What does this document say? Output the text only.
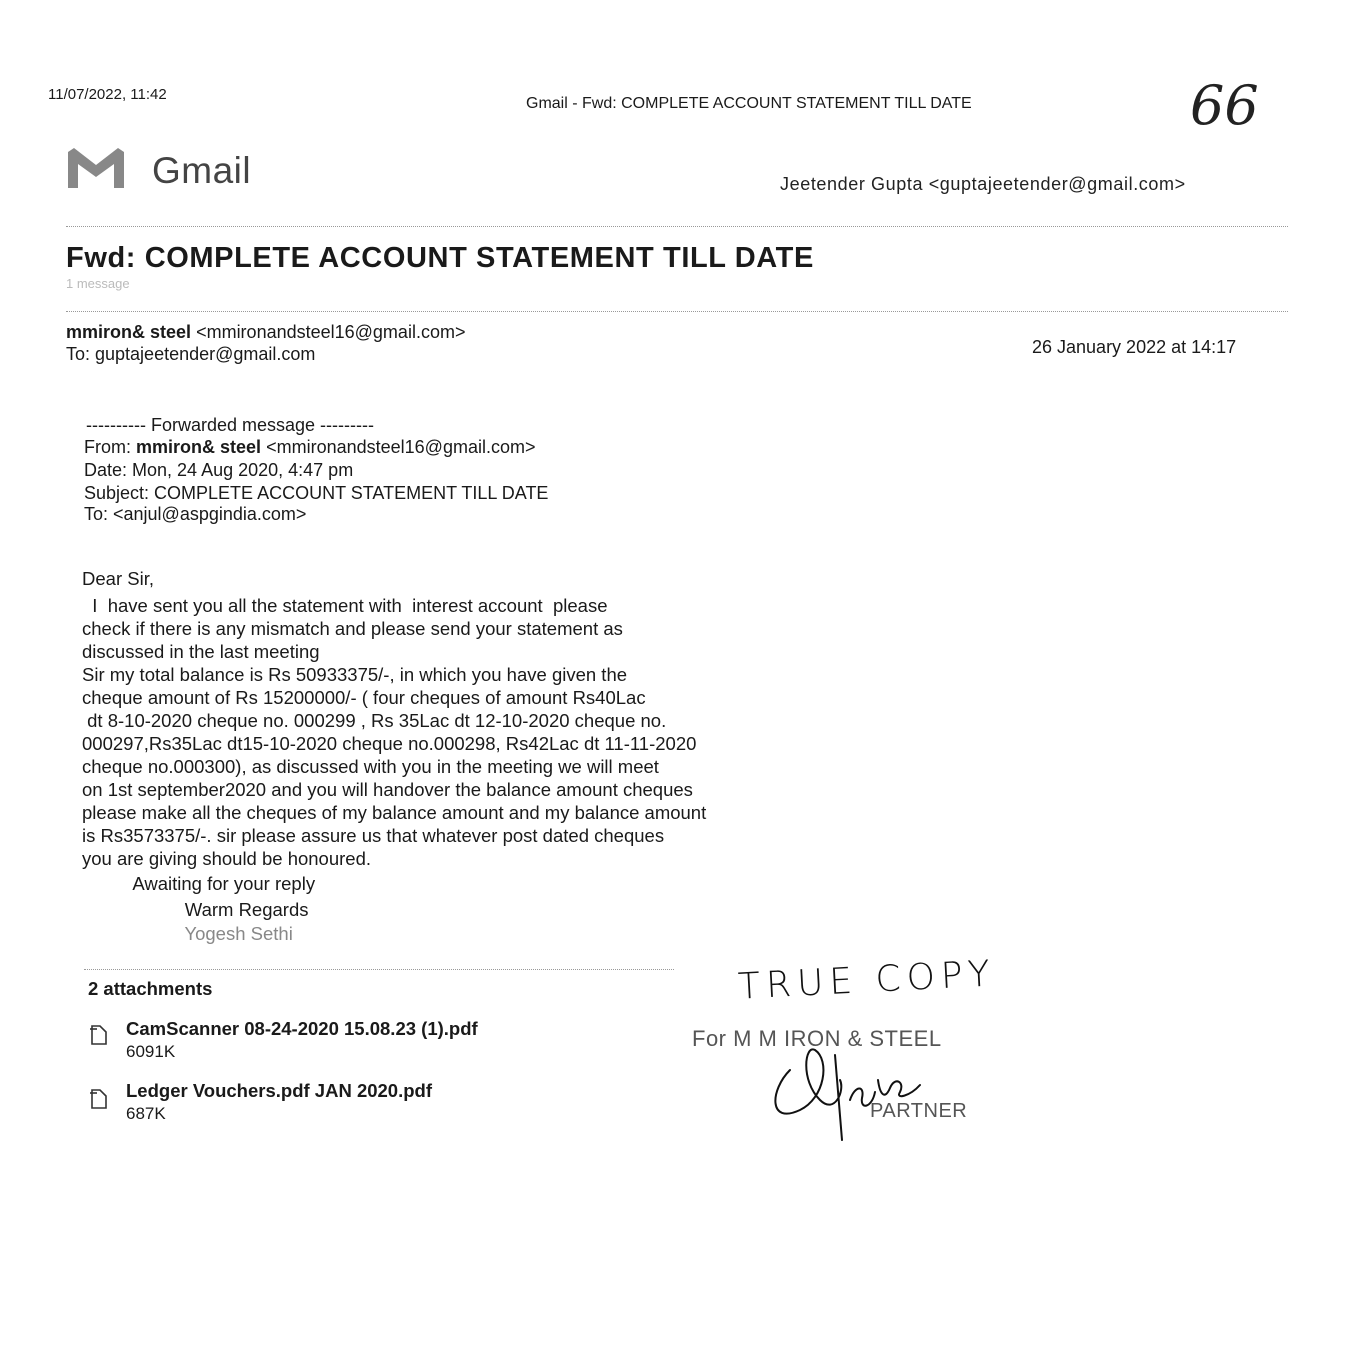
11/07/2022, 11:42
Gmail - Fwd: COMPLETE ACCOUNT STATEMENT TILL DATE	66
Gmail	Jeetender Gupta <guptajeetender@gmail.com>
Fwd: COMPLETE ACCOUNT STATEMENT TILL DATE
1 message
mmiron& steel <mmironandsteel16@gmail.com>
To: guptajeetender@gmail.com	26 January 2022 at 14:17
---------- Forwarded message ---------
From: mmiron& steel <mmironandsteel16@gmail.com>
Date: Mon, 24 Aug 2020, 4:47 pm
Subject: COMPLETE ACCOUNT STATEMENT TILL DATE
To: <anjul@aspgindia.com>
Dear Sir,
I  have sent you all the statement with  interest account  please
check if there is any mismatch and please send your statement as
discussed in the last meeting
Sir my total balance is Rs 50933375/-, in which you have given the
cheque amount of Rs 15200000/- ( four cheques of amount Rs40Lac
dt 8-10-2020 cheque no. 000299 , Rs 35Lac dt 12-10-2020 cheque no.
000297,Rs35Lac dt15-10-2020 cheque no.000298, Rs42Lac dt 11-11-2020
cheque no.000300), as discussed with you in the meeting we will meet
on 1st september2020 and you will handover the balance amount cheques
please make all the cheques of my balance amount and my balance amount
is Rs3573375/-. sir please assure us that whatever post dated cheques
you are giving should be honoured.
Awaiting for your reply
Warm Regards
Yogesh Sethi
2 attachments
CamScanner 08-24-2020 15.08.23 (1).pdf
6091K
Ledger Vouchers.pdf JAN 2020.pdf
687K
TRUE COPY
For M M IRON & STEEL
PARTNER
